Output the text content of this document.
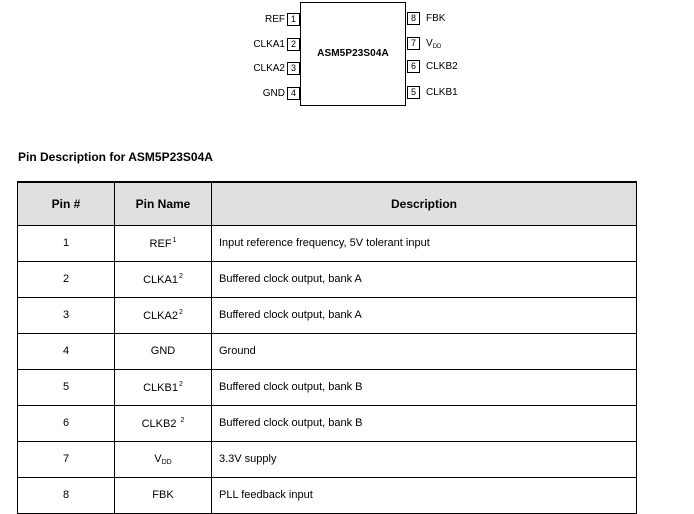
ASM5P23S04A
REF 1
CLKA1 2
CLKA2 3
GND 4
8	FBK
7	$V_{DD}$
6	CLKB2
5	CLKB1
Pin Description for ASM5P23S04A
Pin #	Pin Name	Description
1	REF$^1$	Input reference frequency, 5V tolerant input
2	CLKA1$^2$	Buffered clock output, bank A
3	CLKA2$^2$	Buffered clock output, bank A
4	GND	Ground
5	CLKB1$^2$	Buffered clock output, bank B
6	CLKB2 $^2$	Buffered clock output, bank B
7	$V_{DD}$	3.3V supply
8	FBK	PLL feedback input
